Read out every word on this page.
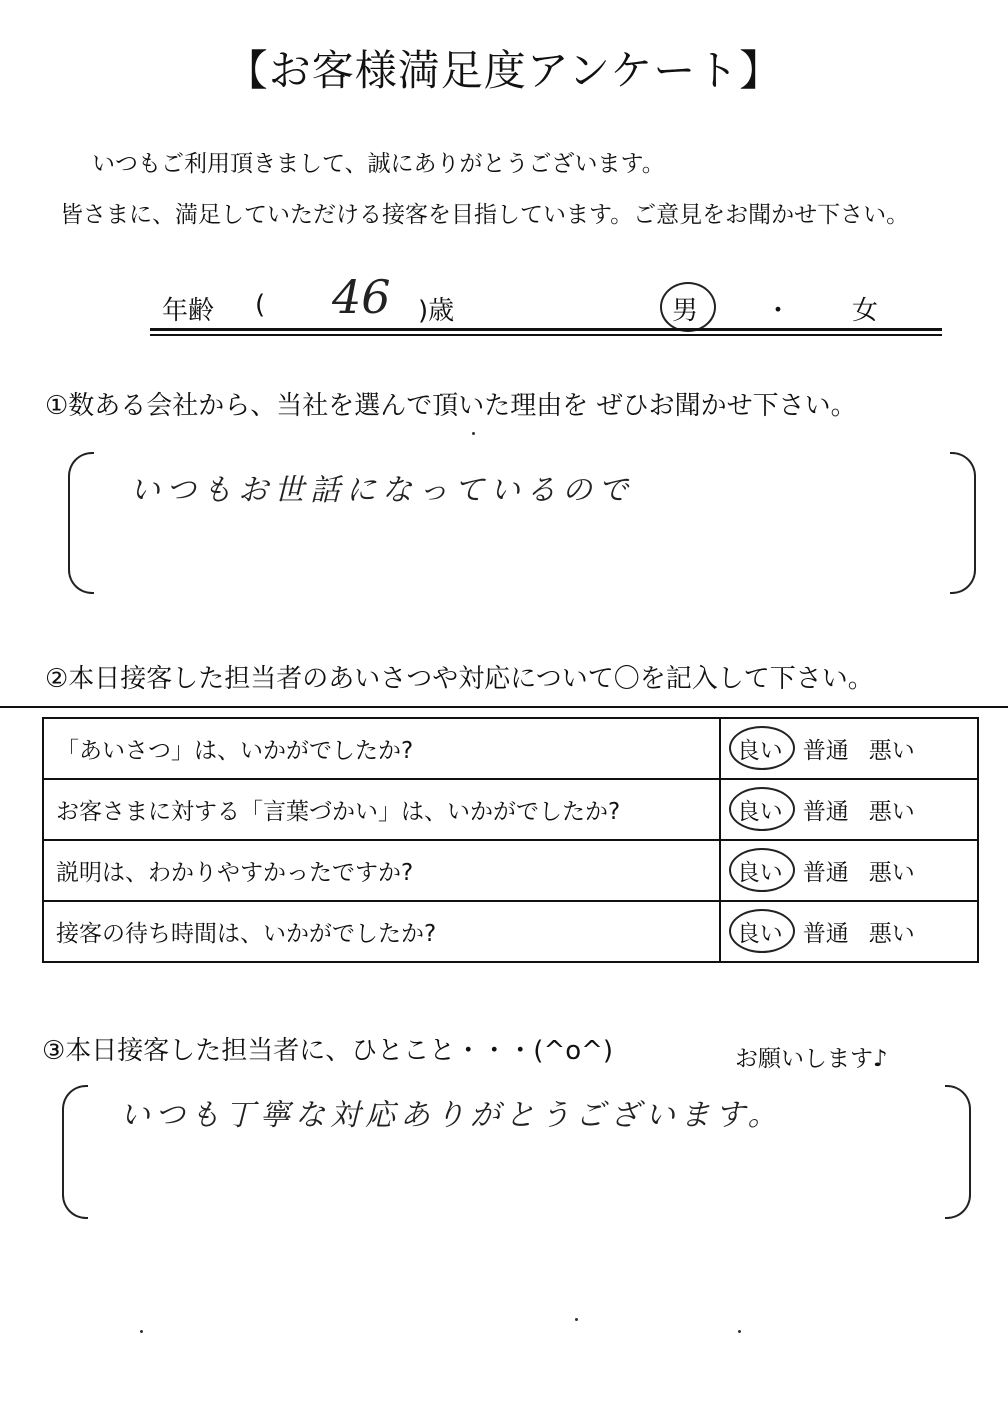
【お客様満足度アンケート】
いつもご利用頂きまして、誠にありがとうございます。
皆さまに、満足していただける接客を目指しています。ご意見をお聞かせ下さい。
年齢 ( 46 )歳	男	・ 女
①数ある会社から、当社を選んで頂いた理由を ぜひお聞かせ下さい。
いつもお世話になっているので
②本日接客した担当者のあいさつや対応について〇を記入して下さい。
「あいさつ」は、いかがでしたか?	良い 普通 悪い
お客さまに対する「言葉づかい」は、いかがでしたか?	良い 普通 悪い
説明は、わかりやすかったですか?	良い 普通 悪い
接客の待ち時間は、いかがでしたか?	良い 普通 悪い
③本日接客した担当者に、ひとこと・・・(^o^)	お願いします♪
いつも丁寧な対応ありがとうございます。
